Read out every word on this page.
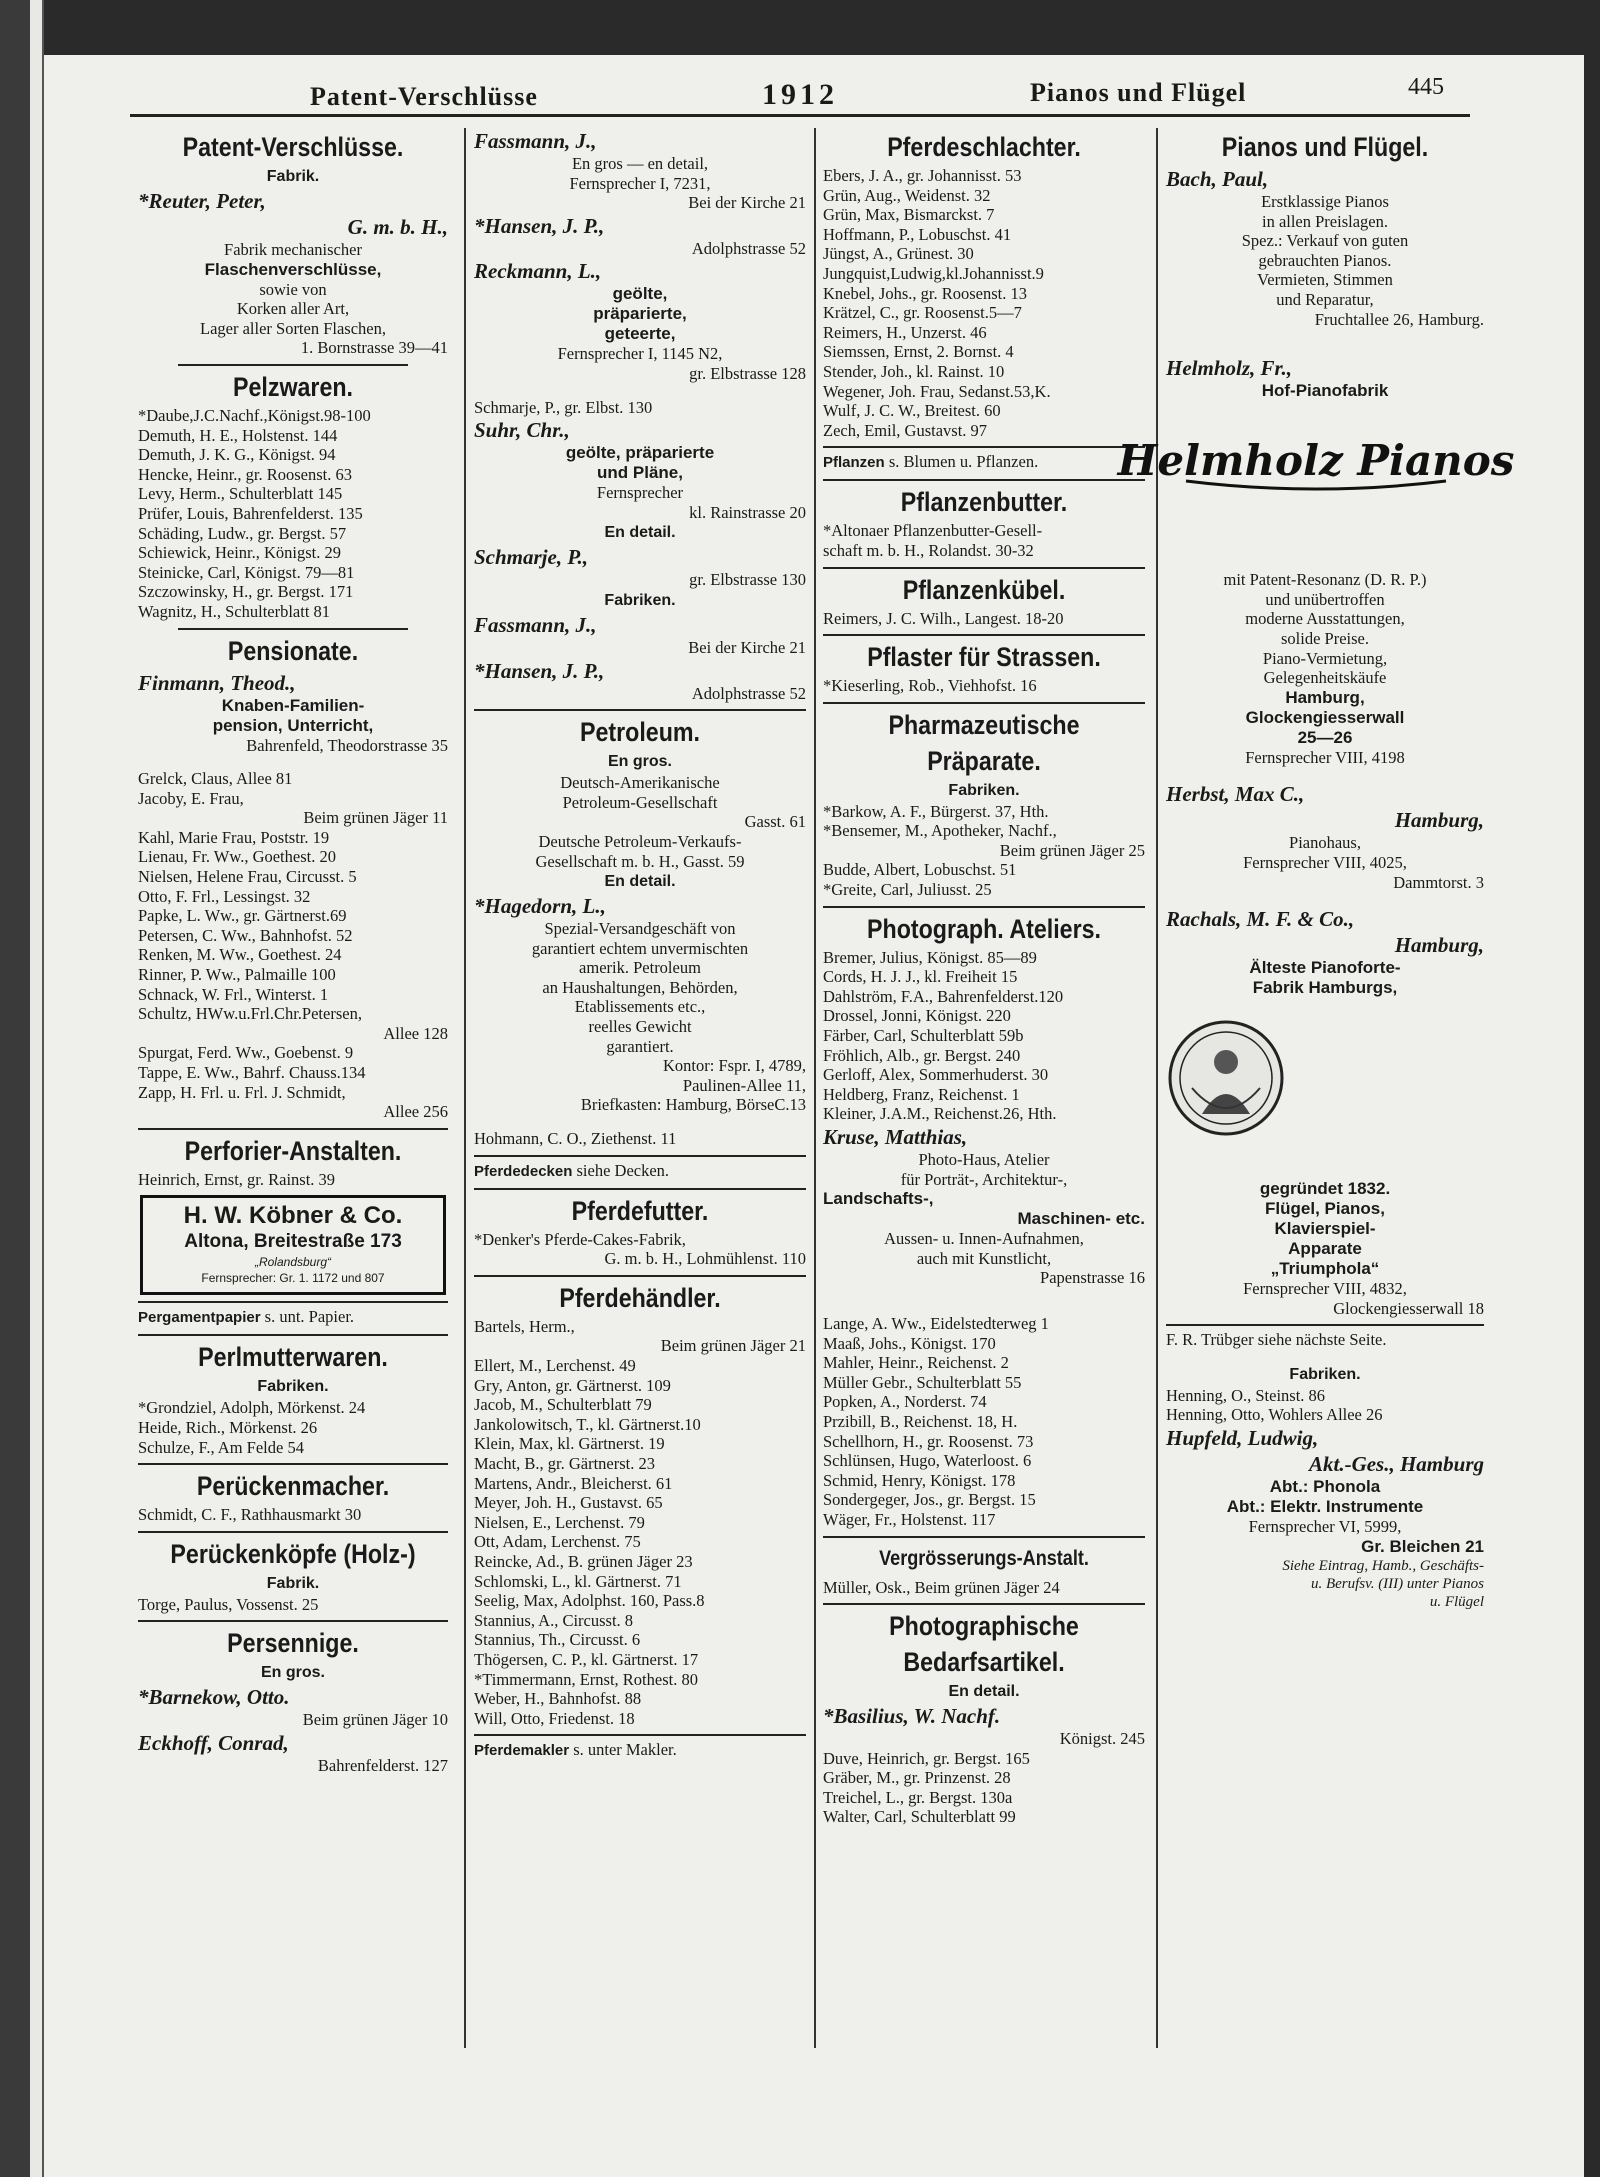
Patent-Verschlüsse	1912	Pianos und Flügel	445
Patent-Verschlüsse.
Fabrik.
*Reuter, Peter,
G. m. b. H.,
Fabrik mechanischer
Flaschenverschlüsse,
sowie von
Korken aller Art,
Lager aller Sorten Flaschen,
1. Bornstrasse 39—41
Pelzwaren.
*Daube,J.C.Nachf.,Königst.98-100
Demuth, H. E., Holstenst. 144
Demuth, J. K. G., Königst. 94
Hencke, Heinr., gr. Roosenst. 63
Levy, Herm., Schulterblatt 145
Prüfer, Louis, Bahrenfelderst. 135
Schäding, Ludw., gr. Bergst. 57
Schiewick, Heinr., Königst. 29
Steinicke, Carl, Königst. 79—81
Szczowinsky, H., gr. Bergst. 171
Wagnitz, H., Schulterblatt 81
Pensionate.
Finmann, Theod.,
Knaben-Familien-
pension, Unterricht,
Bahrenfeld, Theodorstrasse 35
Grelck, Claus, Allee 81
Jacoby, E. Frau,
Beim grünen Jäger 11
Kahl, Marie Frau, Poststr. 19
Lienau, Fr. Ww., Goethest. 20
Nielsen, Helene Frau, Circusst. 5
Otto, F. Frl., Lessingst. 32
Papke, L. Ww., gr. Gärtnerst.69
Petersen, C. Ww., Bahnhofst. 52
Renken, M. Ww., Goethest. 24
Rinner, P. Ww., Palmaille 100
Schnack, W. Frl., Winterst. 1
Schultz, HWw.u.Frl.Chr.Petersen,
Allee 128
Spurgat, Ferd. Ww., Goebenst. 9
Tappe, E. Ww., Bahrf. Chauss.134
Zapp, H. Frl. u. Frl. J. Schmidt,
Allee 256
Perforier-Anstalten.
Heinrich, Ernst, gr. Rainst. 39
H. W. Köbner & Co.
Altona, Breitestraße 173
„Rolandsburg“
Fernsprecher: Gr. 1. 1172 und 807
Pergamentpapier s. unt. Papier.
Perlmutterwaren.
Fabriken.
*Grondziel, Adolph, Mörkenst. 24
Heide, Rich., Mörkenst. 26
Schulze, F., Am Felde 54
Perückenmacher.
Schmidt, C. F., Rathhausmarkt 30
Perückenköpfe (Holz-)
Fabrik.
Torge, Paulus, Vossenst. 25
Persennige.
En gros.
*Barnekow, Otto.
Beim grünen Jäger 10
Eckhoff, Conrad,
Bahrenfelderst. 127
Fassmann, J.,
En gros — en detail,
Fernsprecher I, 7231,
Bei der Kirche 21
*Hansen, J. P.,
Adolphstrasse 52
Reckmann, L.,
geölte,
präparierte,
geteerte,
Fernsprecher I, 1145 N2,
gr. Elbstrasse 128
Schmarje, P., gr. Elbst. 130
Suhr, Chr.,
geölte, präparierte
und Pläne,
Fernsprecher
kl. Rainstrasse 20
En detail.
Schmarje, P.,
gr. Elbstrasse 130
Fabriken.
Fassmann, J.,
Bei der Kirche 21
*Hansen, J. P.,
Adolphstrasse 52
Petroleum.
En gros.
Deutsch-Amerikanische
Petroleum-Gesellschaft
Gasst. 61
Deutsche Petroleum-Verkaufs-
Gesellschaft m. b. H., Gasst. 59
En detail.
*Hagedorn, L.,
Spezial-Versandgeschäft von
garantiert echtem unvermischten
amerik. Petroleum
an Haushaltungen, Behörden,
Etablissements etc.,
reelles Gewicht
garantiert.
Kontor: Fspr. I, 4789,
Paulinen-Allee 11,
Briefkasten: Hamburg, BörseC.13
Hohmann, C. O., Ziethenst. 11
Pferdedecken siehe Decken.
Pferdefutter.
*Denker's Pferde-Cakes-Fabrik,
G. m. b. H., Lohmühlenst. 110
Pferdehändler.
Bartels, Herm.,
Beim grünen Jäger 21
Ellert, M., Lerchenst. 49
Gry, Anton, gr. Gärtnerst. 109
Jacob, M., Schulterblatt 79
Jankolowitsch, T., kl. Gärtnerst.10
Klein, Max, kl. Gärtnerst. 19
Macht, B., gr. Gärtnerst. 23
Martens, Andr., Bleicherst. 61
Meyer, Joh. H., Gustavst. 65
Nielsen, E., Lerchenst. 79
Ott, Adam, Lerchenst. 75
Reincke, Ad., B. grünen Jäger 23
Schlomski, L., kl. Gärtnerst. 71
Seelig, Max, Adolphst. 160, Pass.8
Stannius, A., Circusst. 8
Stannius, Th., Circusst. 6
Thögersen, C. P., kl. Gärtnerst. 17
*Timmermann, Ernst, Rothest. 80
Weber, H., Bahnhofst. 88
Will, Otto, Friedenst. 18
Pferdemakler s. unter Makler.
Pferdeschlachter.
Ebers, J. A., gr. Johannisst. 53
Grün, Aug., Weidenst. 32
Grün, Max, Bismarckst. 7
Hoffmann, P., Lobuschst. 41
Jüngst, A., Grünest. 30
Jungquist,Ludwig,kl.Johannisst.9
Knebel, Johs., gr. Roosenst. 13
Krätzel, C., gr. Roosenst.5—7
Reimers, H., Unzerst. 46
Siemssen, Ernst, 2. Bornst. 4
Stender, Joh., kl. Rainst. 10
Wegener, Joh. Frau, Sedanst.53,K.
Wulf, J. C. W., Breitest. 60
Zech, Emil, Gustavst. 97
Pflanzen s. Blumen u. Pflanzen.
Pflanzenbutter.
*Altonaer Pflanzenbutter-Gesell-
schaft m. b. H., Rolandst. 30-32
Pflanzenkübel.
Reimers, J. C. Wilh., Langest. 18-20
Pflaster für Strassen.
*Kieserling, Rob., Viehhofst. 16
Pharmazeutische
Präparate.
Fabriken.
*Barkow, A. F., Bürgerst. 37, Hth.
*Bensemer, M., Apotheker, Nachf.,
Beim grünen Jäger 25
Budde, Albert, Lobuschst. 51
*Greite, Carl, Juliusst. 25
Photograph. Ateliers.
Bremer, Julius, Königst. 85—89
Cords, H. J. J., kl. Freiheit 15
Dahlström, F.A., Bahrenfelderst.120
Drossel, Jonni, Königst. 220
Färber, Carl, Schulterblatt 59b
Fröhlich, Alb., gr. Bergst. 240
Gerloff, Alex, Sommerhuderst. 30
Heldberg, Franz, Reichenst. 1
Kleiner, J.A.M., Reichenst.26, Hth.
Kruse, Matthias,
Photo-Haus, Atelier
für Porträt-, Architektur-,
Landschafts-,
Maschinen- etc.
Aussen- u. Innen-Aufnahmen,
auch mit Kunstlicht,
Papenstrasse 16
Lange, A. Ww., Eidelstedterweg 1
Maaß, Johs., Königst. 170
Mahler, Heinr., Reichenst. 2
Müller Gebr., Schulterblatt 55
Popken, A., Norderst. 74
Przibill, B., Reichenst. 18, H.
Schellhorn, H., gr. Roosenst. 73
Schlünsen, Hugo, Waterloost. 6
Schmid, Henry, Königst. 178
Sondergeger, Jos., gr. Bergst. 15
Wäger, Fr., Holstenst. 117
Vergrösserungs-Anstalt.
Müller, Osk., Beim grünen Jäger 24
Photographische
Bedarfsartikel.
En detail.
*Basilius, W. Nachf.
Königst. 245
Duve, Heinrich, gr. Bergst. 165
Gräber, M., gr. Prinzenst. 28
Treichel, L., gr. Bergst. 130a
Walter, Carl, Schulterblatt 99
Pianos und Flügel.
Bach, Paul,
Erstklassige Pianos
in allen Preislagen.
Spez.: Verkauf von guten
gebrauchten Pianos.
Vermieten, Stimmen
und Reparatur,
Fruchtallee 26, Hamburg.
Helmholz, Fr.,
Hof-Pianofabrik
Helmholz Pianos
mit Patent-Resonanz (D. R. P.)
und unübertroffen
moderne Ausstattungen,
solide Preise.
Piano-Vermietung,
Gelegenheitskäufe
Hamburg,
Glockengiesserwall
25—26
Fernsprecher VIII, 4198
Herbst, Max C.,
Hamburg,
Pianohaus,
Fernsprecher VIII, 4025,
Dammtorst. 3
Rachals, M. F. & Co.,
Hamburg,
Älteste Pianoforte-
Fabrik Hamburgs,
gegründet 1832.
Flügel, Pianos,
Klavierspiel-
Apparate
„Triumphola“
Fernsprecher VIII, 4832,
Glockengiesserwall 18
F. R. Trübger siehe nächste Seite.
Fabriken.
Henning, O., Steinst. 86
Henning, Otto, Wohlers Allee 26
Hupfeld, Ludwig,
Akt.-Ges., Hamburg
Abt.: Phonola
Abt.: Elektr. Instrumente
Fernsprecher VI, 5999,
Gr. Bleichen 21
Siehe Eintrag, Hamb., Geschäfts-
u. Berufsv. (III) unter Pianos
u. Flügel
